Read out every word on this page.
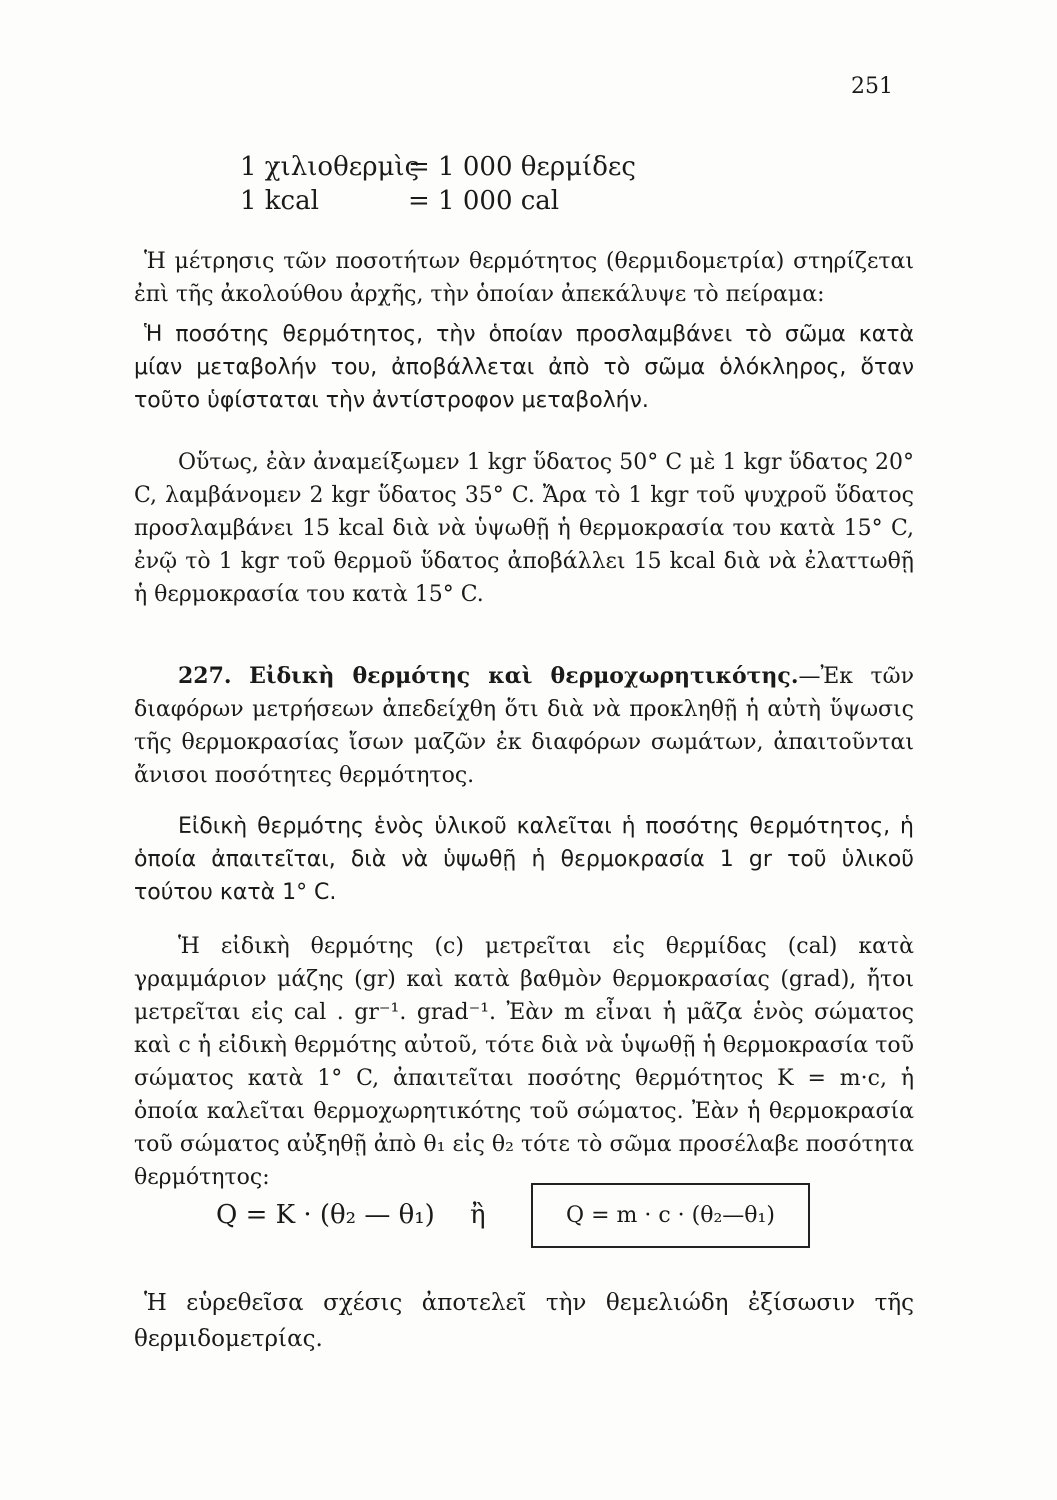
251
1 χιλιοθερμὶς
= 1 000 θερμίδες
1 kcal	= 1 000 cal
Ἡ μέτρησις τῶν ποσοτήτων θερμότητος (θερμιδομετρία) στηρίζεται ἐπὶ τῆς ἀκολούθου ἀρχῆς, τὴν ὁποίαν ἀπεκάλυψε τὸ πείραμα:
Ἡ ποσότης θερμότητος, τὴν ὁποίαν προσλαμβάνει τὸ σῶμα κατὰ μίαν μεταβολήν του, ἀποβάλλεται ἀπὸ τὸ σῶμα ὁλόκληρος, ὅταν τοῦτο ὑφίσταται τὴν ἀντίστροφον μεταβολήν.
Οὕτως, ἐὰν ἀναμείξωμεν 1 kgr ὕδατος 50° C μὲ 1 kgr ὕδατος 20° C, λαμβάνομεν 2 kgr ὕδατος 35° C. Ἄρα τὸ 1 kgr τοῦ ψυχροῦ ὕδατος προσλαμβάνει 15 kcal διὰ νὰ ὑψωθῇ ἡ θερμοκρασία του κατὰ 15° C, ἐνῷ τὸ 1 kgr τοῦ θερμοῦ ὕδατος ἀποβάλλει 15 kcal διὰ νὰ ἐλαττωθῇ ἡ θερμοκρασία του κατὰ 15° C.
227. Εἰδικὴ θερμότης καὶ θερμοχωρητικότης.—Ἐκ τῶν διαφόρων μετρήσεων ἀπεδείχθη ὅτι διὰ νὰ προκληθῇ ἡ αὐτὴ ὕψωσις τῆς θερμοκρασίας ἴσων μαζῶν ἐκ διαφόρων σωμάτων, ἀπαιτοῦνται ἄνισοι ποσότητες θερμότητος.
Εἰδικὴ θερμότης ἑνὸς ὑλικοῦ καλεῖται ἡ ποσότης θερμότητος, ἡ ὁποία ἀπαιτεῖται, διὰ νὰ ὑψωθῇ ἡ θερμοκρασία 1 gr τοῦ ὑλικοῦ τούτου κατὰ 1° C.
Ἡ εἰδικὴ θερμότης (c) μετρεῖται εἰς θερμίδας (cal) κατὰ γραμμάριον μάζης (gr) καὶ κατὰ βαθμὸν θερμοκρασίας (grad), ἤτοι μετρεῖται εἰς cal . gr⁻¹. grad⁻¹. Ἐὰν m εἶναι ἡ μᾶζα ἑνὸς σώματος καὶ c ἡ εἰδικὴ θερμότης αὐτοῦ, τότε διὰ νὰ ὑψωθῇ ἡ θερμοκρασία τοῦ σώματος κατὰ 1° C, ἀπαιτεῖται ποσότης θερμότητος K = m·c, ἡ ὁποία καλεῖται θερμοχωρητικότης τοῦ σώματος. Ἐὰν ἡ θερμοκρασία τοῦ σώματος αὐξηθῇ ἀπὸ θ₁ εἰς θ₂ τότε τὸ σῶμα προσέλαβε ποσότητα θερμότητος:
Q = K · (θ₂ — θ₁) ἢ	Q = m · c · (θ₂—θ₁)
Ἡ εὑρεθεῖσα σχέσις ἀποτελεῖ τὴν θεμελιώδη ἐξίσωσιν τῆς θερμιδομετρίας.
